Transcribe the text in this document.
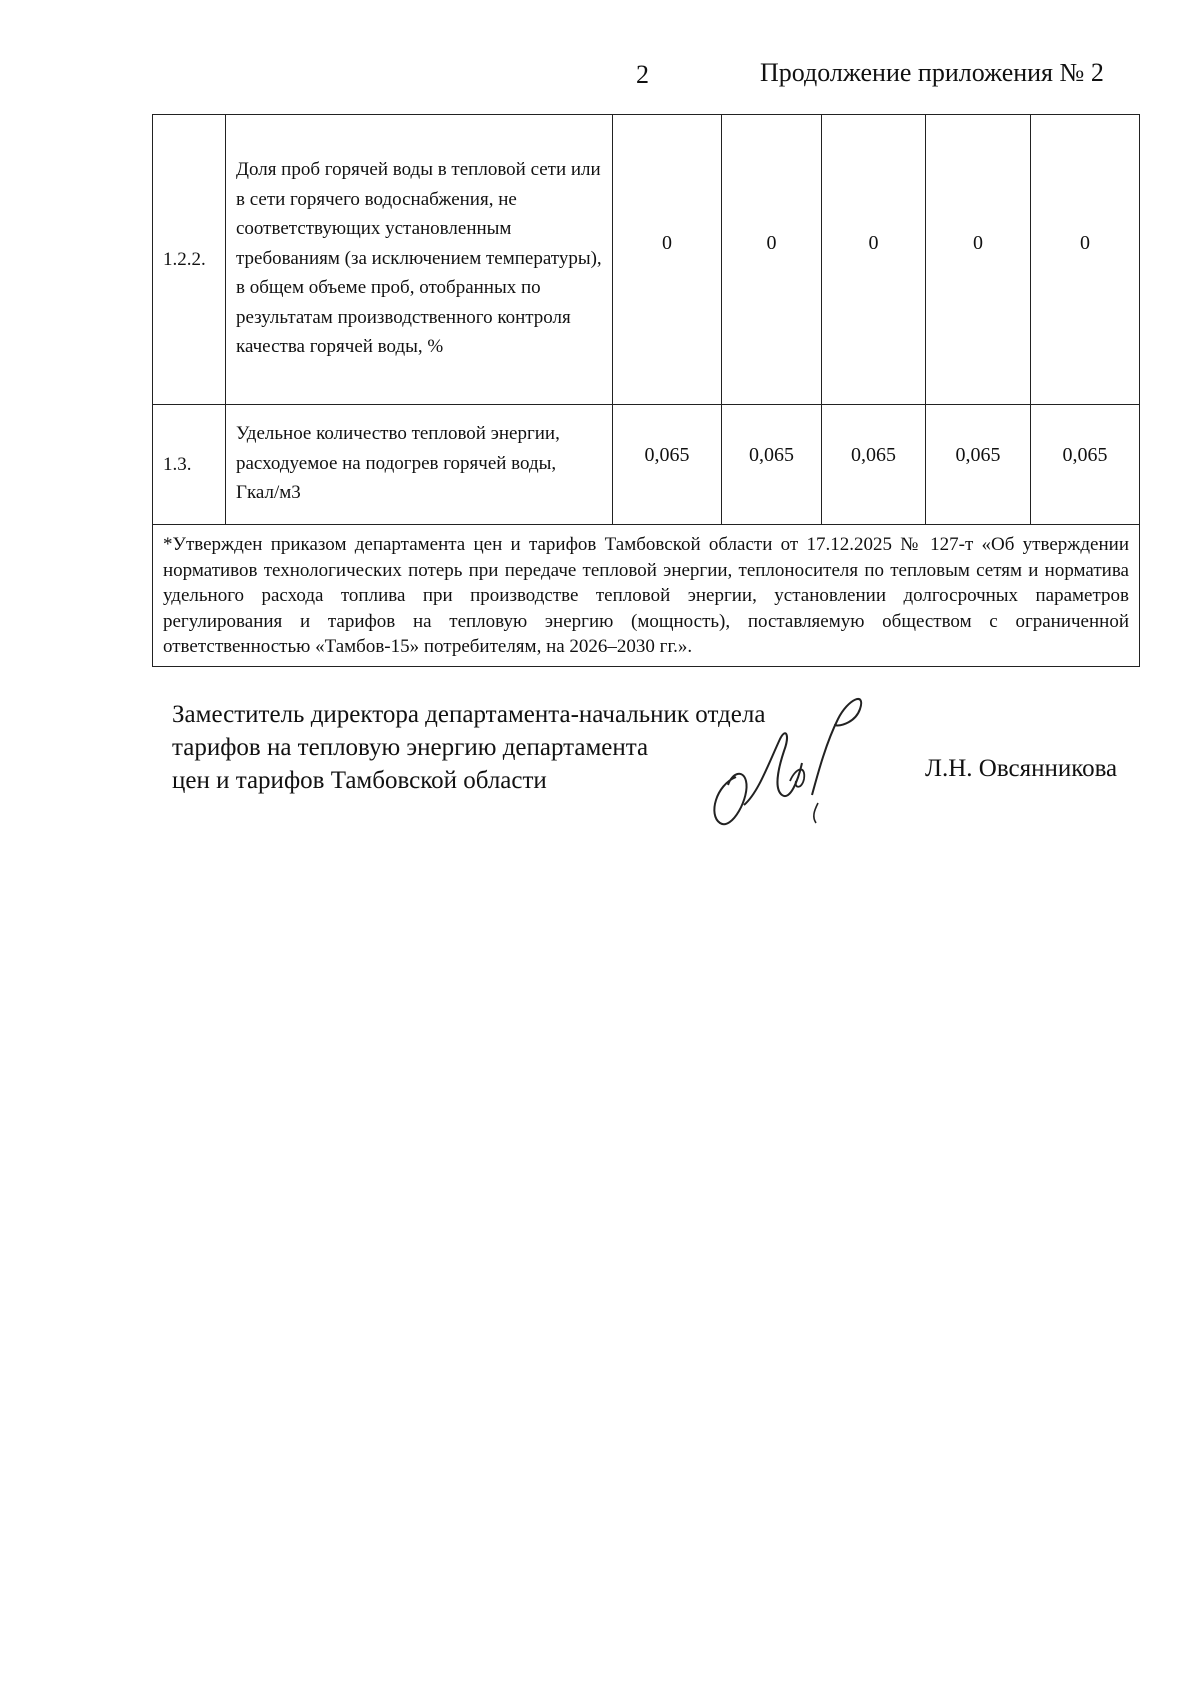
2	Продолжение приложения № 2
1.2.2.	Доля проб горячей воды в тепловой сети или в сети горячего водоснабжения, не соответствующих установленным требованиям (за исключением температуры), в общем объеме проб, отобранных по результатам производственного контроля качества горячей воды, %	0	0	0	0	0
1.3.	Удельное количество тепловой энергии, расходуемое на подогрев горячей воды, Гкал/м3	0,065	0,065	0,065	0,065	0,065
*Утвержден приказом департамента цен и тарифов Тамбовской области от 17.12.2025 № 127-т «Об утверждении нормативов технологических потерь при передаче тепловой энергии, теплоносителя по тепловым сетям и норматива удельного расхода топлива при производстве тепловой энергии, установлении долгосрочных параметров регулирования и тарифов на тепловую энергию (мощность), поставляемую обществом с ограниченной ответственностью «Тамбов-15» потребителям, на 2026–2030 гг.».						
Заместитель директора департамента-начальник отдела
тарифов на тепловую энергию департамента
цен и тарифов Тамбовской области	Л.Н. Овсянникова
